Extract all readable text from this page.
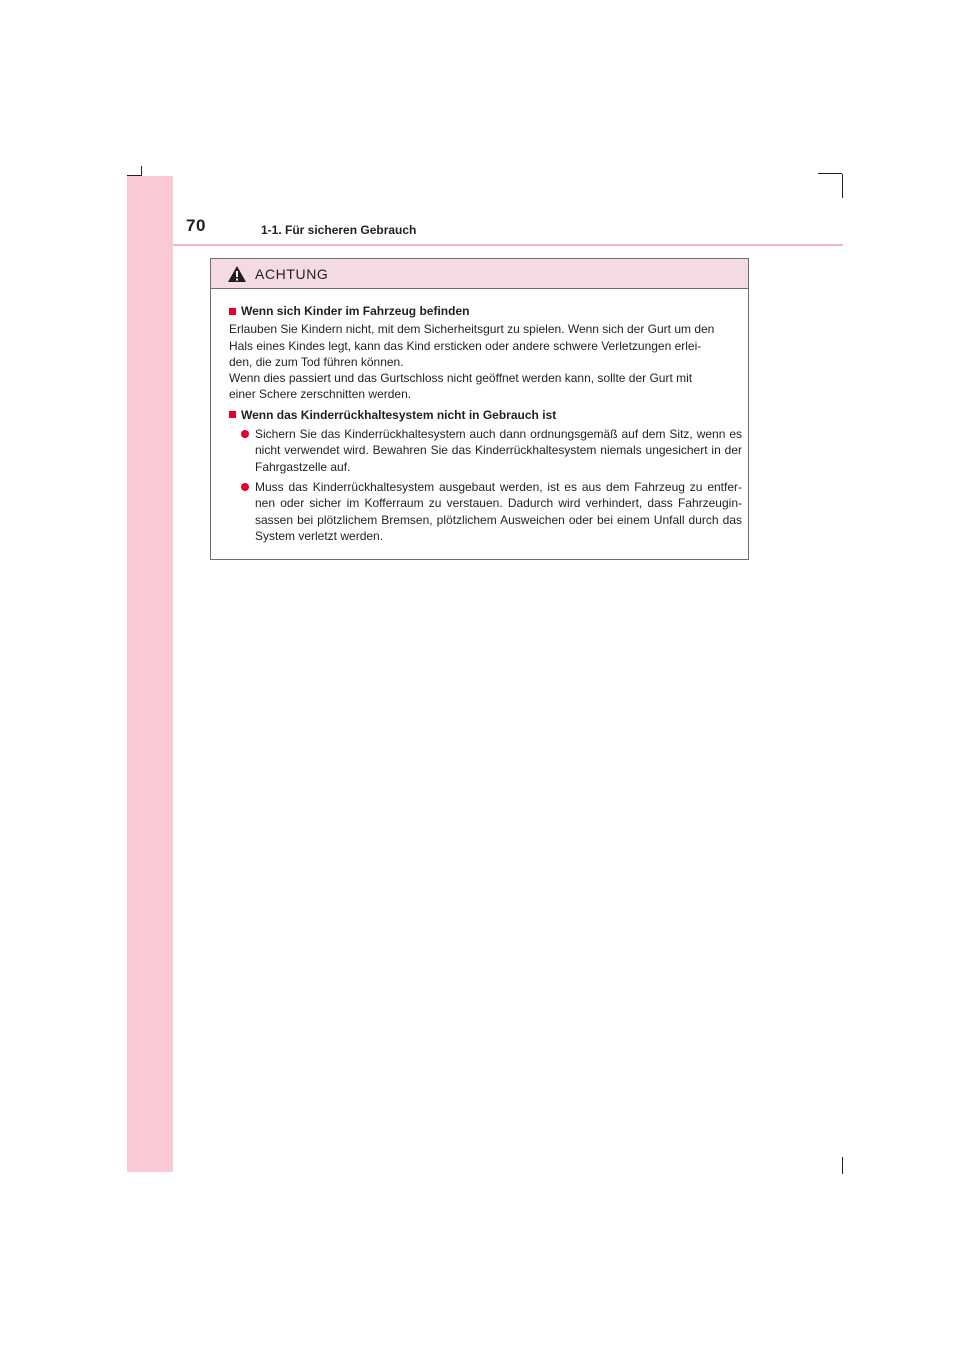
70	1-1. Für sicheren Gebrauch
ACHTUNG

Wenn sich Kinder im Fahrzeug befinden

Erlauben Sie Kindern nicht, mit dem Sicherheitsgurt zu spielen. Wenn sich der Gurt um den
Hals eines Kindes legt, kann das Kind ersticken oder andere schwere Verletzungen erlei-
den, die zum Tod führen können.
Wenn dies passiert und das Gurtschloss nicht geöffnet werden kann, sollte der Gurt mit
einer Schere zerschnitten werden.

Wenn das Kinderrückhaltesystem nicht in Gebrauch ist

Sichern Sie das Kinderrückhaltesystem auch dann ordnungsgemäß auf dem Sitz, wenn es nicht verwendet wird. Bewahren Sie das Kinderrückhaltesystem niemals ungesichert in der Fahrgastzelle auf.
Muss das Kinderrückhaltesystem ausgebaut werden, ist es aus dem Fahrzeug zu entfer-nen oder sicher im Kofferraum zu verstauen. Dadurch wird verhindert, dass Fahrzeugin-sassen bei plötzlichem Bremsen, plötzlichem Ausweichen oder bei einem Unfall durch das System verletzt werden.
